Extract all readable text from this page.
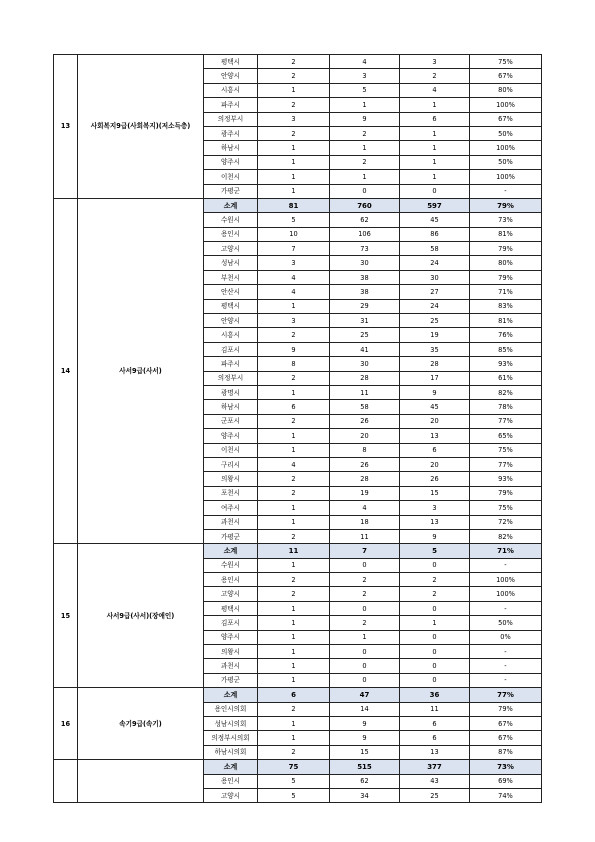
13	사회복지9급(사회복지)(저소득층)	평택시	2	4	3	75%
		안양시	2	3	2	67%
		시흥시	1	5	4	80%
		파주시	2	1	1	100%
		의정부시	3	9	6	67%
		광주시	2	2	1	50%
		하남시	1	1	1	100%
		양주시	1	2	1	50%
		이천시	1	1	1	100%
		가평군	1	0	0	-
14	사서9급(사서)	소계	81	760	597	79%
		수원시	5	62	45	73%
		용인시	10	106	86	81%
		고양시	7	73	58	79%
		성남시	3	30	24	80%
		부천시	4	38	30	79%
		안산시	4	38	27	71%
		평택시	1	29	24	83%
		안양시	3	31	25	81%
		시흥시	2	25	19	76%
		김포시	9	41	35	85%
		파주시	8	30	28	93%
		의정부시	2	28	17	61%
		광명시	1	11	9	82%
		하남시	6	58	45	78%
		군포시	2	26	20	77%
		양주시	1	20	13	65%
		이천시	1	8	6	75%
		구리시	4	26	20	77%
		의왕시	2	28	26	93%
		포천시	2	19	15	79%
		여주시	1	4	3	75%
		과천시	1	18	13	72%
		가평군	2	11	9	82%
15	사서9급(사서)(장애인)	소계	11	7	5	71%
		수원시	1	0	0	-
		용인시	2	2	2	100%
		고양시	2	2	2	100%
		평택시	1	0	0	-
		김포시	1	2	1	50%
		양주시	1	1	0	0%
		의왕시	1	0	0	-
		과천시	1	0	0	-
		가평군	1	0	0	-
16	속기9급(속기)	소계	6	47	36	77%
		용인시의회	2	14	11	79%
		성남시의회	1	9	6	67%
		의정부시의회	1	9	6	67%
		하남시의회	2	15	13	87%
		소계	75	515	377	73%
		용인시	5	62	43	69%
		고양시	5	34	25	74%
